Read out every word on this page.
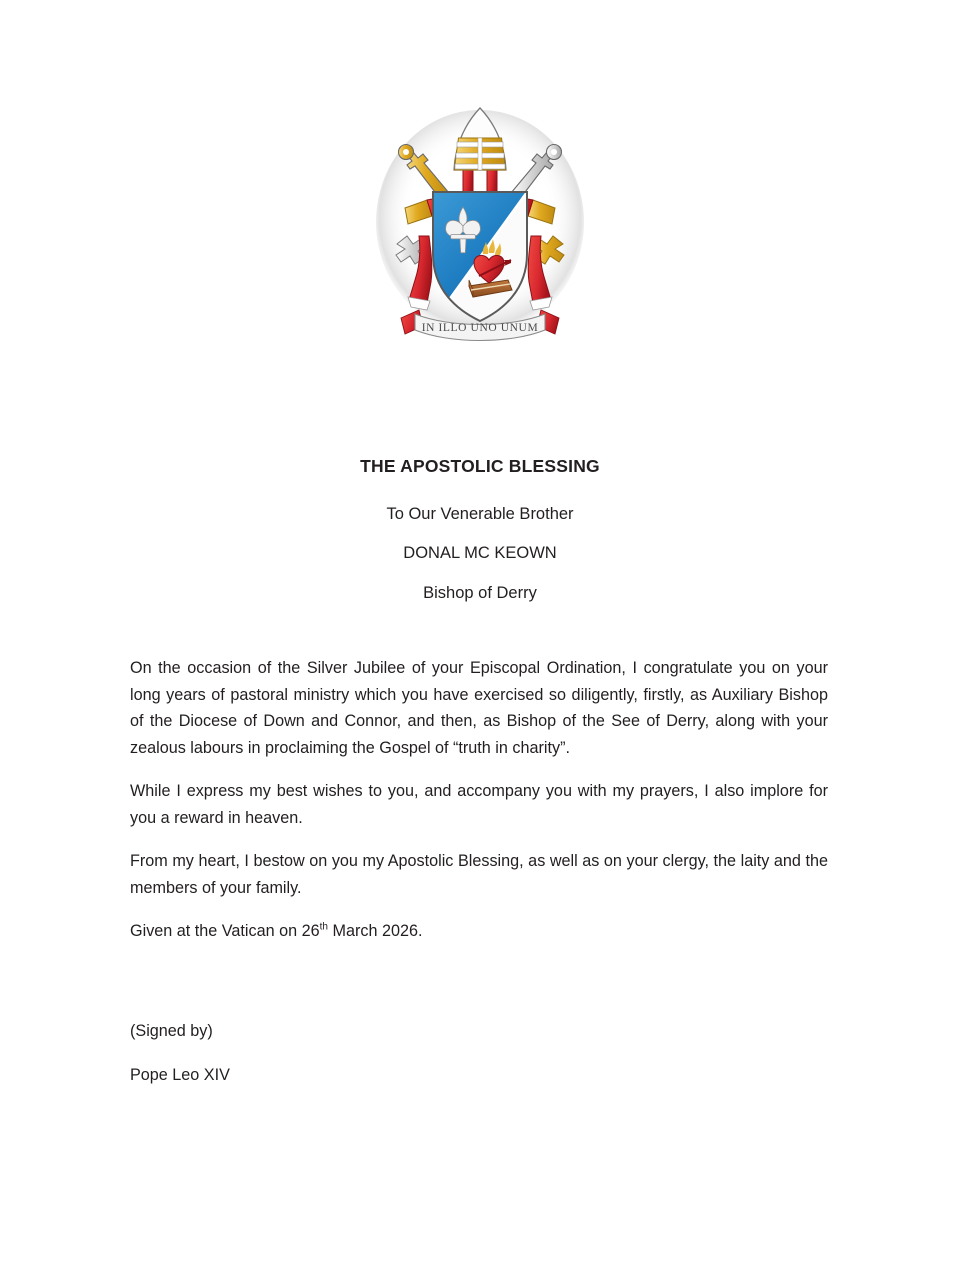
IN ILLO UNO UNUM
THE APOSTOLIC BLESSING
To Our Venerable Brother
DONAL MC KEOWN
Bishop of Derry

On the occasion of the Silver Jubilee of your Episcopal Ordination, I congratulate you on your long years of pastoral ministry which you have exercised so diligently, firstly, as Auxiliary Bishop of the Diocese of Down and Connor, and then, as Bishop of the See of Derry, along with your zealous labours in proclaiming the Gospel of “truth in charity”.

While I express my best wishes to you, and accompany you with my prayers, I also implore for you a reward in heaven.

From my heart, I bestow on you my Apostolic Blessing, as well as on your clergy, the laity and the members of your family.

Given at the Vatican on 26th March 2026.

(Signed by)
Pope Leo XIV
